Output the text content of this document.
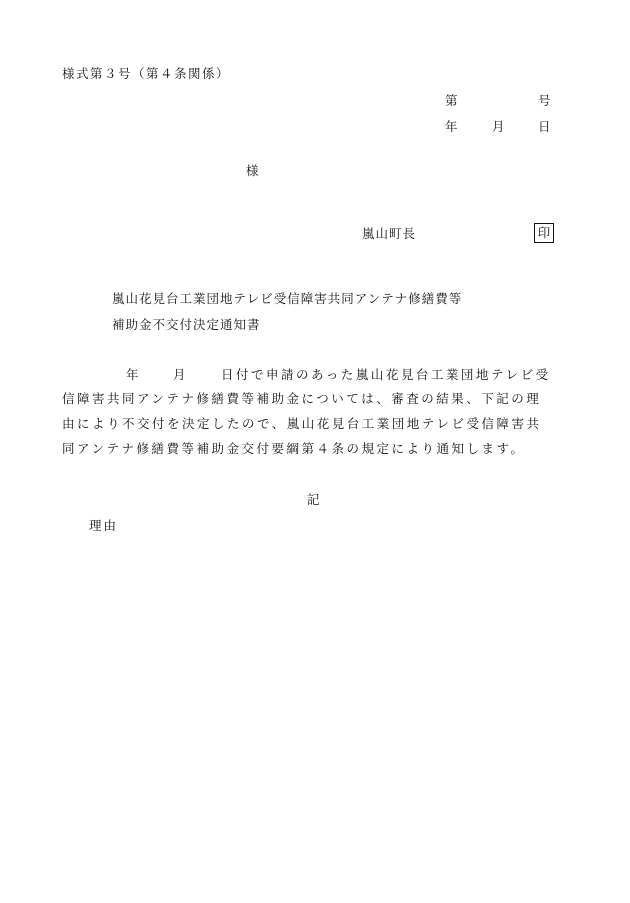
様式第３号（第４条関係）
第	号
年	月	日
様
嵐山町長	印
嵐山花見台工業団地テレビ受信障害共同アンテナ修繕費等
補助金不交付決定通知書
年	月	日付で申請のあった嵐山花見台工業団地テレビ受
信障害共同アンテナ修繕費等補助金については、審査の結果、下記の理
由により不交付を決定したので、嵐山花見台工業団地テレビ受信障害共
同アンテナ修繕費等補助金交付要綱第４条の規定により通知します。
記
理由
